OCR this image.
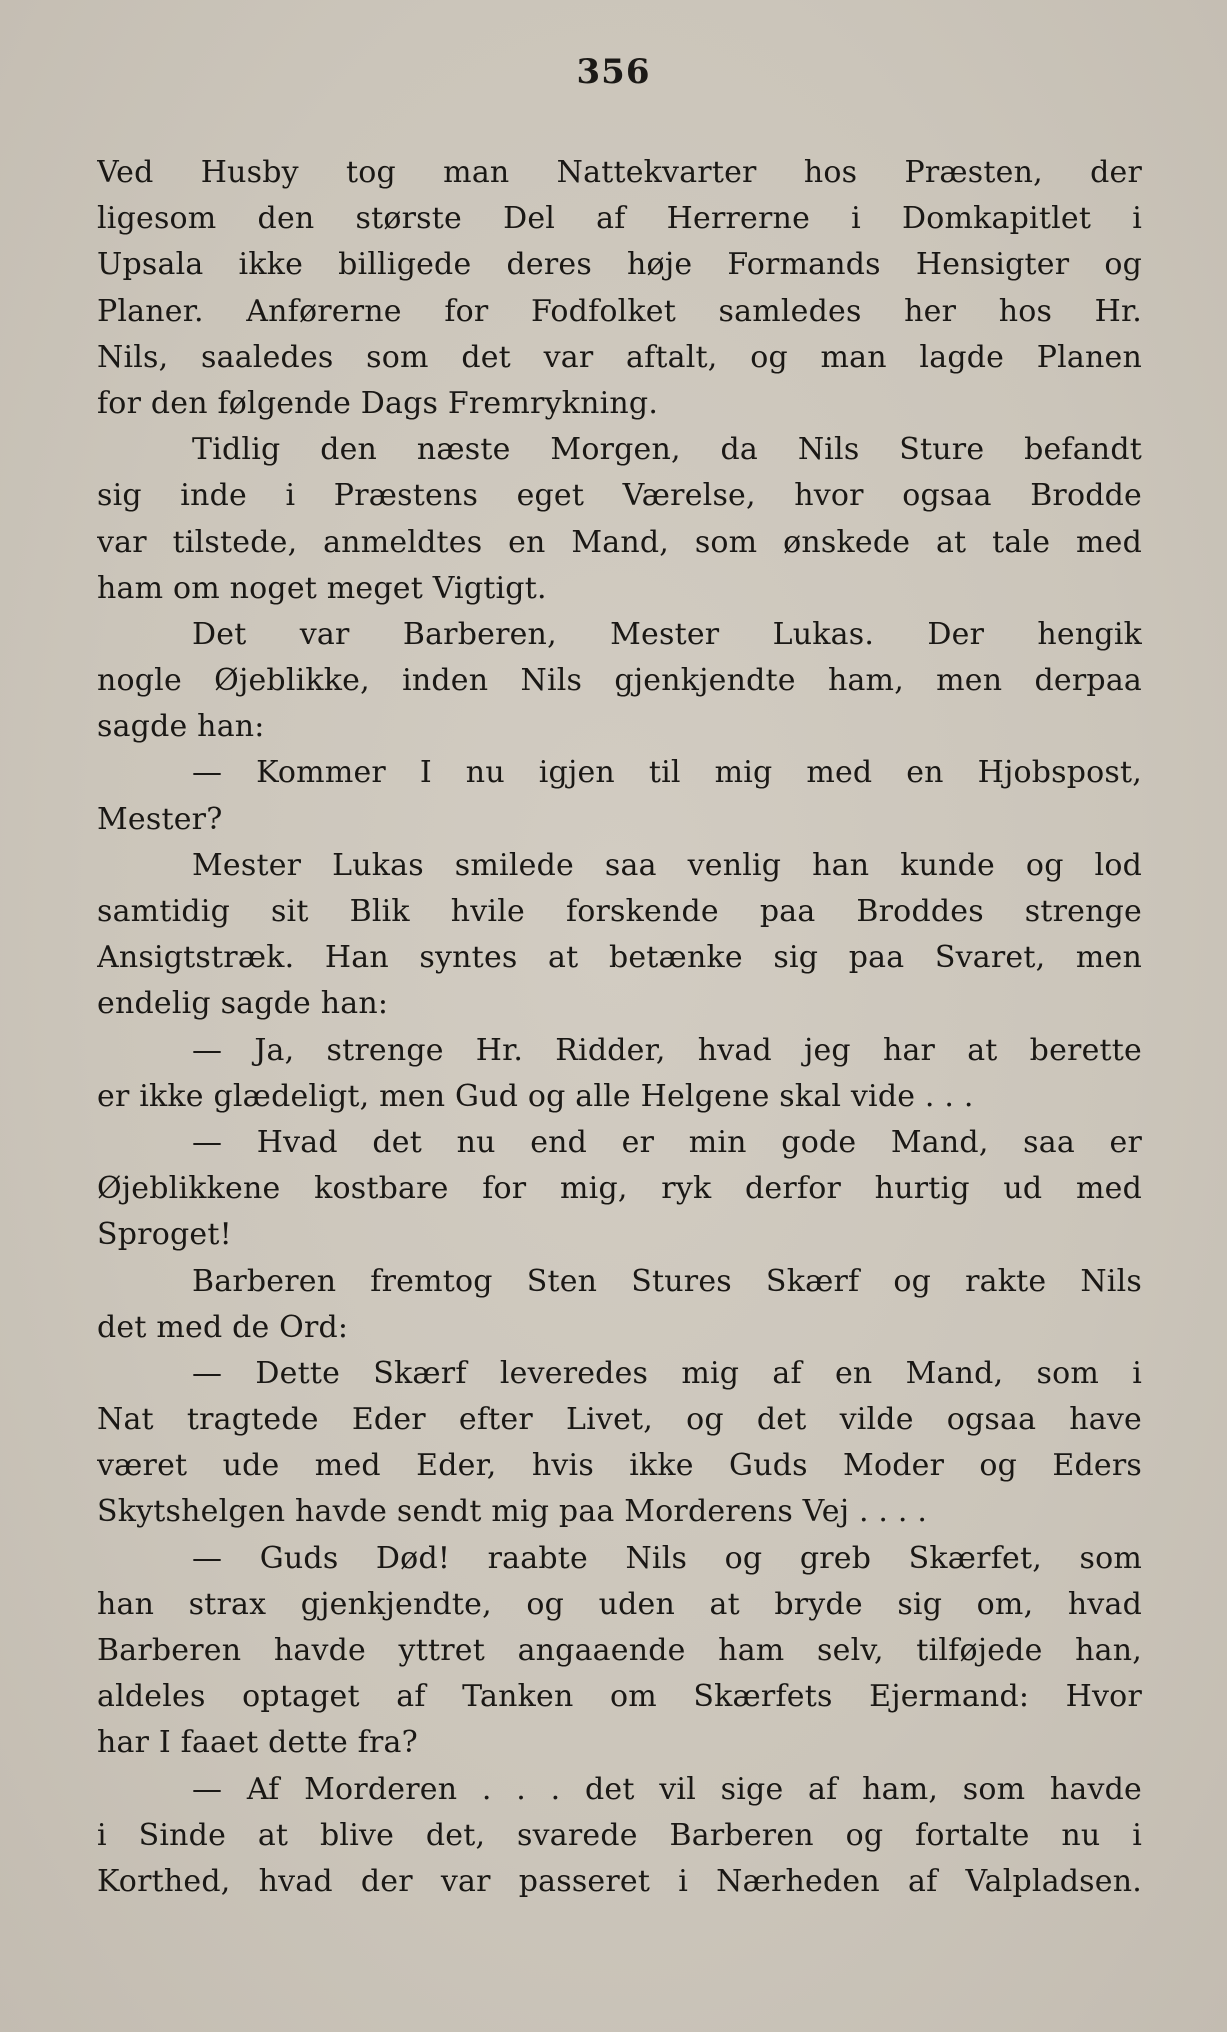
356
Ved Husby tog man Nattekvarter hos Præsten, der
ligesom den største Del af Herrerne i Domkapitlet i
Upsala ikke billigede deres høje Formands Hensigter og
Planer. Anførerne for Fodfolket samledes her hos Hr.
Nils, saaledes som det var aftalt, og man lagde Planen
for den følgende Dags Fremrykning.
Tidlig den næste Morgen, da Nils Sture befandt
sig inde i Præstens eget Værelse, hvor ogsaa Brodde
var tilstede, anmeldtes en Mand, som ønskede at tale med
ham om noget meget Vigtigt.
Det var Barberen, Mester Lukas. Der hengik
nogle Øjeblikke, inden Nils gjenkjendte ham, men derpaa
sagde han:
— Kommer I nu igjen til mig med en Hjobspost,
Mester?
Mester Lukas smilede saa venlig han kunde og lod
samtidig sit Blik hvile forskende paa Broddes strenge
Ansigtstræk. Han syntes at betænke sig paa Svaret, men
endelig sagde han:
— Ja, strenge Hr. Ridder, hvad jeg har at berette
er ikke glædeligt, men Gud og alle Helgene skal vide . . .
— Hvad det nu end er min gode Mand, saa er
Øjeblikkene kostbare for mig, ryk derfor hurtig ud med
Sproget!
Barberen fremtog Sten Stures Skærf og rakte Nils
det med de Ord:
— Dette Skærf leveredes mig af en Mand, som i
Nat tragtede Eder efter Livet, og det vilde ogsaa have
været ude med Eder, hvis ikke Guds Moder og Eders
Skytshelgen havde sendt mig paa Morderens Vej . . . .
— Guds Død! raabte Nils og greb Skærfet, som
han strax gjenkjendte, og uden at bryde sig om, hvad
Barberen havde yttret angaaende ham selv, tilføjede han,
aldeles optaget af Tanken om Skærfets Ejermand: Hvor
har I faaet dette fra?
— Af Morderen . . . det vil sige af ham, som havde
i Sinde at blive det, svarede Barberen og fortalte nu i
Korthed, hvad der var passeret i Nærheden af Valpladsen.
